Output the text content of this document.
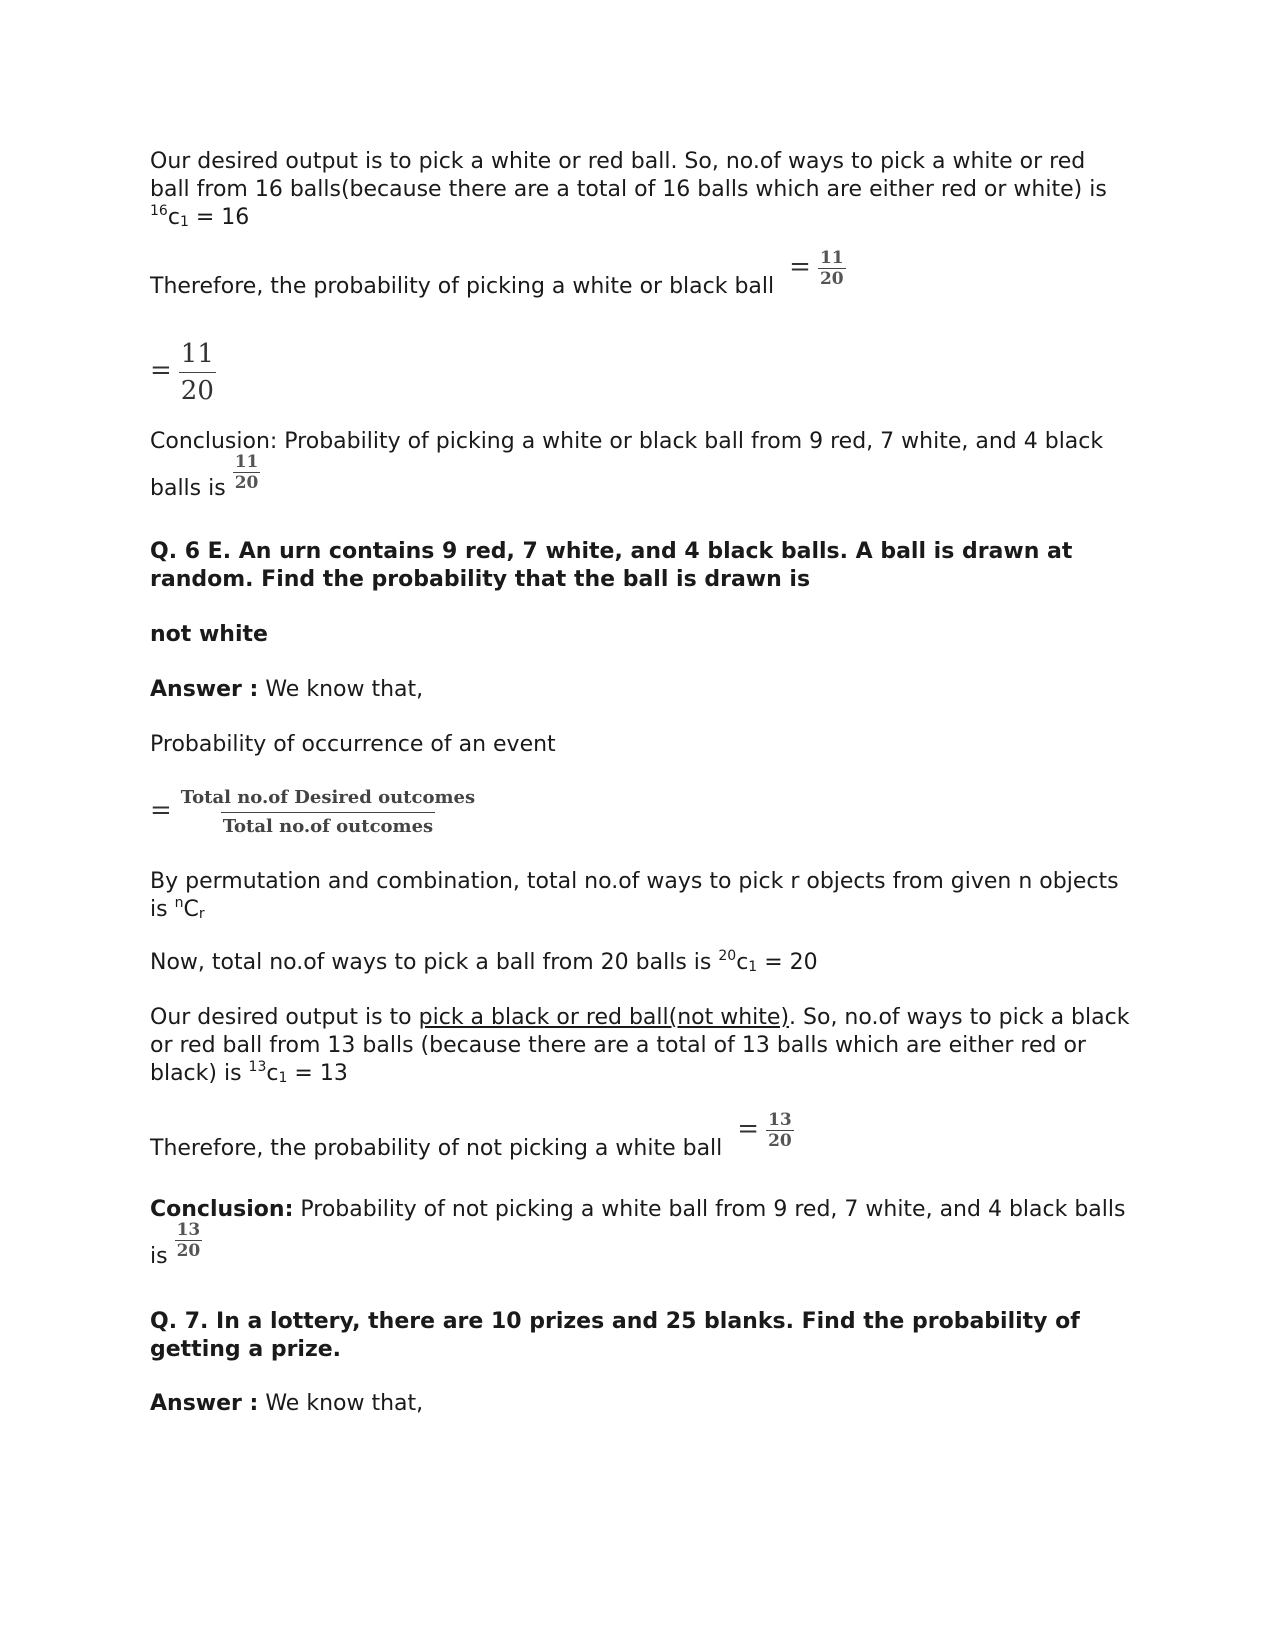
Our desired output is to pick a white or red ball. So, no.of ways to pick a white or red ball from 16 balls(because there are a total of 16 balls which are either red or white) is $^{16}c_1 = 16$
Therefore, the probability of picking a white or black ball = $\frac{11}{20}$
= $\frac{11}{20}$
Conclusion: Probability of picking a white or black ball from 9 red, 7 white, and 4 black
balls is $\frac{11}{20}$
Q. 6 E. An urn contains 9 red, 7 white, and 4 black balls. A ball is drawn at random. Find the probability that the ball is drawn is
not white
Answer : We know that,
Probability of occurrence of an event
= $\frac{\text{Total no.of Desired outcomes}}{\text{Total no.of outcomes}}$
By permutation and combination, total no.of ways to pick r objects from given n objects is $^nC_r$
Now, total no.of ways to pick a ball from 20 balls is $^{20}c_1 = 20$
Our desired output is to pick a black or red ball(not white). So, no.of ways to pick a black or red ball from 13 balls (because there are a total of 13 balls which are either red or black) is $^{13}c_1 = 13$
Therefore, the probability of not picking a white ball = $\frac{13}{20}$
Conclusion: Probability of not picking a white ball from 9 red, 7 white, and 4 black balls
is $\frac{13}{20}$
Q. 7. In a lottery, there are 10 prizes and 25 blanks. Find the probability of getting a prize.
Answer : We know that,
